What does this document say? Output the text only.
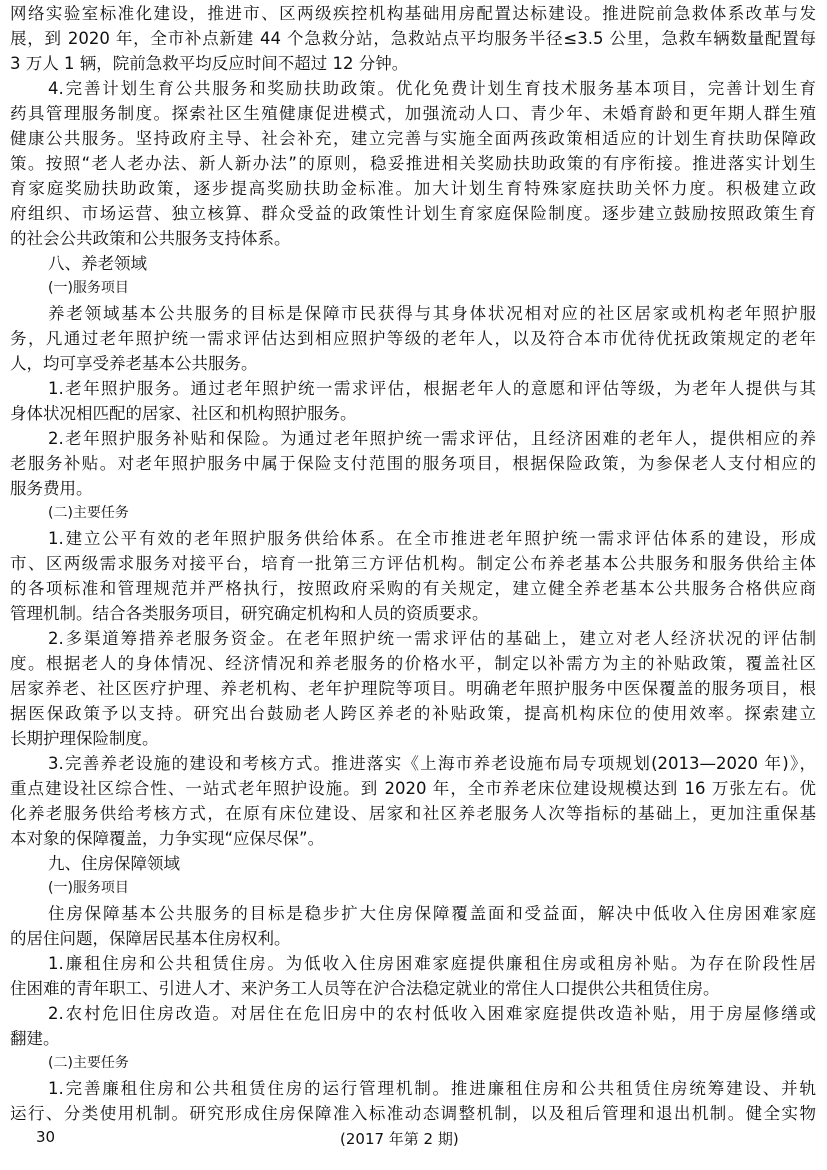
网络实验室标准化建设，推进市、区两级疾控机构基础用房配置达标建设。推进院前急救体系改革与发
展，到 2020 年，全市补点新建 44 个急救分站，急救站点平均服务半径≤3.5 公里，急救车辆数量配置每
3 万人 1 辆，院前急救平均反应时间不超过 12 分钟。
4.完善计划生育公共服务和奖励扶助政策。优化免费计划生育技术服务基本项目，完善计划生育
药具管理服务制度。探索社区生殖健康促进模式，加强流动人口、青少年、未婚育龄和更年期人群生殖
健康公共服务。坚持政府主导、社会补充，建立完善与实施全面两孩政策相适应的计划生育扶助保障政
策。按照“老人老办法、新人新办法”的原则，稳妥推进相关奖励扶助政策的有序衔接。推进落实计划生
育家庭奖励扶助政策，逐步提高奖励扶助金标准。加大计划生育特殊家庭扶助关怀力度。积极建立政
府组织、市场运营、独立核算、群众受益的政策性计划生育家庭保险制度。逐步建立鼓励按照政策生育
的社会公共政策和公共服务支持体系。
八、养老领域
(一)服务项目
养老领域基本公共服务的目标是保障市民获得与其身体状况相对应的社区居家或机构老年照护服
务，凡通过老年照护统一需求评估达到相应照护等级的老年人，以及符合本市优待优抚政策规定的老年
人，均可享受养老基本公共服务。
1.老年照护服务。通过老年照护统一需求评估，根据老年人的意愿和评估等级，为老年人提供与其
身体状况相匹配的居家、社区和机构照护服务。
2.老年照护服务补贴和保险。为通过老年照护统一需求评估，且经济困难的老年人，提供相应的养
老服务补贴。对老年照护服务中属于保险支付范围的服务项目，根据保险政策，为参保老人支付相应的
服务费用。
(二)主要任务
1.建立公平有效的老年照护服务供给体系。在全市推进老年照护统一需求评估体系的建设，形成
市、区两级需求服务对接平台，培育一批第三方评估机构。制定公布养老基本公共服务和服务供给主体
的各项标准和管理规范并严格执行，按照政府采购的有关规定，建立健全养老基本公共服务合格供应商
管理机制。结合各类服务项目，研究确定机构和人员的资质要求。
2.多渠道筹措养老服务资金。在老年照护统一需求评估的基础上，建立对老人经济状况的评估制
度。根据老人的身体情况、经济情况和养老服务的价格水平，制定以补需方为主的补贴政策，覆盖社区
居家养老、社区医疗护理、养老机构、老年护理院等项目。明确老年照护服务中医保覆盖的服务项目，根
据医保政策予以支持。研究出台鼓励老人跨区养老的补贴政策，提高机构床位的使用效率。探索建立
长期护理保险制度。
3.完善养老设施的建设和考核方式。推进落实《上海市养老设施布局专项规划(2013—2020 年)》，
重点建设社区综合性、一站式老年照护设施。到 2020 年，全市养老床位建设规模达到 16 万张左右。优
化养老服务供给考核方式，在原有床位建设、居家和社区养老服务人次等指标的基础上，更加注重保基
本对象的保障覆盖，力争实现“应保尽保”。
九、住房保障领域
(一)服务项目
住房保障基本公共服务的目标是稳步扩大住房保障覆盖面和受益面，解决中低收入住房困难家庭
的居住问题，保障居民基本住房权利。
1.廉租住房和公共租赁住房。为低收入住房困难家庭提供廉租住房或租房补贴。为存在阶段性居
住困难的青年职工、引进人才、来沪务工人员等在沪合法稳定就业的常住人口提供公共租赁住房。
2.农村危旧住房改造。对居住在危旧房中的农村低收入困难家庭提供改造补贴，用于房屋修缮或
翻建。
(二)主要任务
1.完善廉租住房和公共租赁住房的运行管理机制。推进廉租住房和公共租赁住房统筹建设、并轨
运行、分类使用机制。研究形成住房保障准入标准动态调整机制，以及租后管理和退出机制。健全实物
30	(2017 年第 2 期)
